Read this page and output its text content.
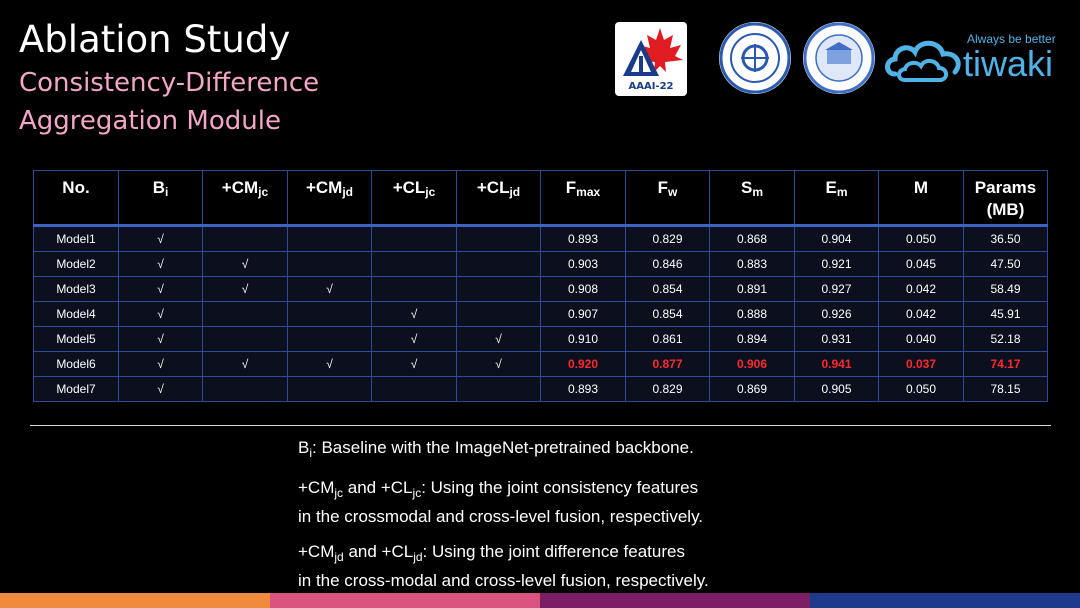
Ablation Study
Consistency-Difference
Aggregation Module
AAAI-22
Always be better
tiwaki
No.	$B_i$	$+CM_{jc}$	$+CM_{jd}$	$+CL_{jc}$	$+CL_{jd}$	$F_{max}$	$F_w$	$S_m$	$E_m$	M	Params (MB)
Model1	√					0.893	0.829	0.868	0.904	0.050	36.50
Model2	√	√				0.903	0.846	0.883	0.921	0.045	47.50
Model3	√	√	√			0.908	0.854	0.891	0.927	0.042	58.49
Model4	√			√		0.907	0.854	0.888	0.926	0.042	45.91
Model5	√			√	√	0.910	0.861	0.894	0.931	0.040	52.18
Model6	√	√	√	√	√	0.920	0.877	0.906	0.941	0.037	74.17
Model7	√					0.893	0.829	0.869	0.905	0.050	78.15

$B_i$: Baseline with the ImageNet-pretrained backbone.

$+CM_{jc}$ and $+CL_{jc}$: Using the joint consistency features
in the crossmodal and cross-level fusion, respectively.

$+CM_{jd}$ and $+CL_{jd}$: Using the joint difference features
in the cross-modal and cross-level fusion, respectively.
